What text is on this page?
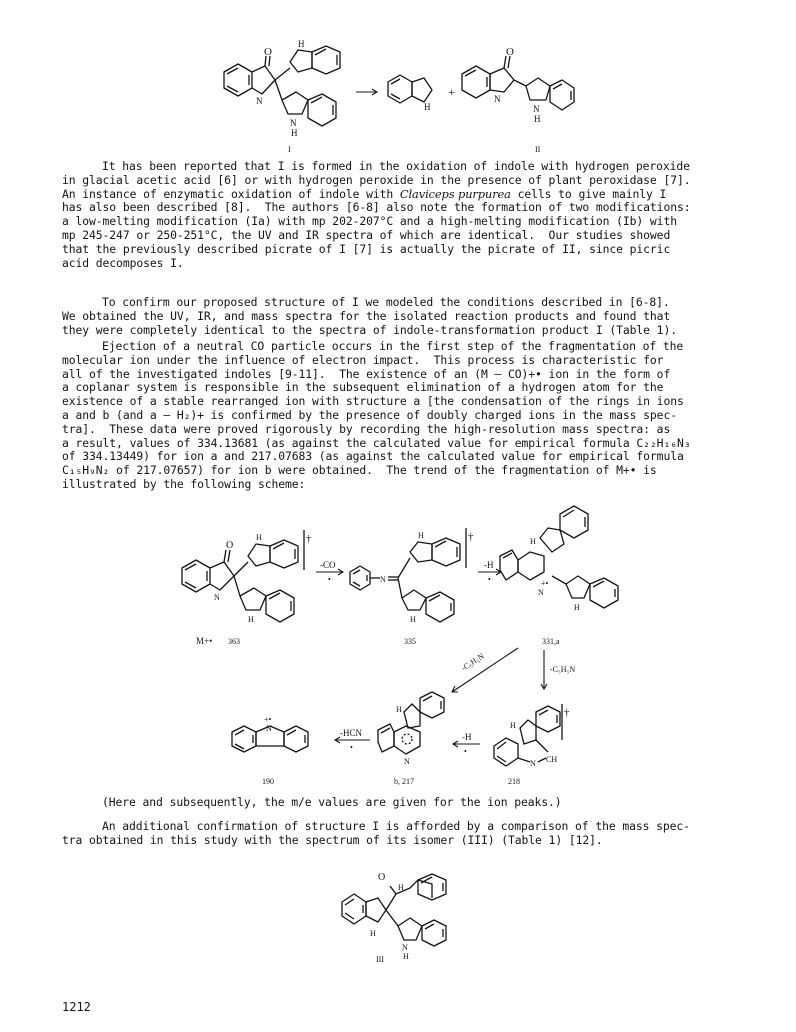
O
N
H
N
H
I
H
+
O
N
N
H
II

It has been reported that I is formed in the oxidation of indole with hydrogen peroxide
in glacial acetic acid [6] or with hydrogen peroxide in the presence of plant peroxidase [7].
An instance of enzymatic oxidation of indole with Claviceps purpurea cells to give mainly I
has also been described [8].  The authors [6-8] also note the formation of two modifications:
a low-melting modification (Ia) with mp 202-207°C and a high-melting modification (Ib) with
mp 245-247 or 250-251°C, the UV and IR spectra of which are identical.  Our studies showed
that the previously described picrate of I [7] is actually the picrate of II, since picric
acid decomposes I.

To confirm our proposed structure of I we modeled the conditions described in [6-8].
We obtained the UV, IR, and mass spectra for the isolated reaction products and found that
they were completely identical to the spectra of indole-transformation product I (Table 1).

Ejection of a neutral CO particle occurs in the first step of the fragmentation of the
molecular ion under the influence of electron impact.  This process is characteristic for
all of the investigated indoles [9-11].  The existence of an (M — CO)+• ion in the form of
a coplanar system is responsible in the subsequent elimination of a hydrogen atom for the
existence of a stable rearranged ion with structure a [the condensation of the rings in ions
a and b (and a — H₂)+ is confirmed by the presence of doubly charged ions in the mass spec-
tra].  These data were proved rigorously by recording the high-resolution mass spectra: as
a result, values of 334.13681 (as against the calculated value for empirical formula C₂₂H₁₆N₃
of 334.13449) for ion a and 217.07683 (as against the calculated value for empirical formula
C₁₅H₉N₂ of 217.07657) for ion b were obtained.  The trend of the fragmentation of M+• is
illustrated by the following scheme:

O
N
H
H
†
M+• 363
-CO
•	N
H
H
†
335
-H
•
H
+•
N
H
331,a
-C₅H₅N	-C₅H₅N
H
N CH
†
218
-H
•
H
N
b, 217
-HCN
•
+•
N
190

(Here and subsequently, the m/e values are given for the ion peaks.)

An additional confirmation of structure I is afforded by a comparison of the mass spec-
tra obtained in this study with the spectrum of its isomer (III) (Table 1) [12].

H
O
H
N
H
III
1212
